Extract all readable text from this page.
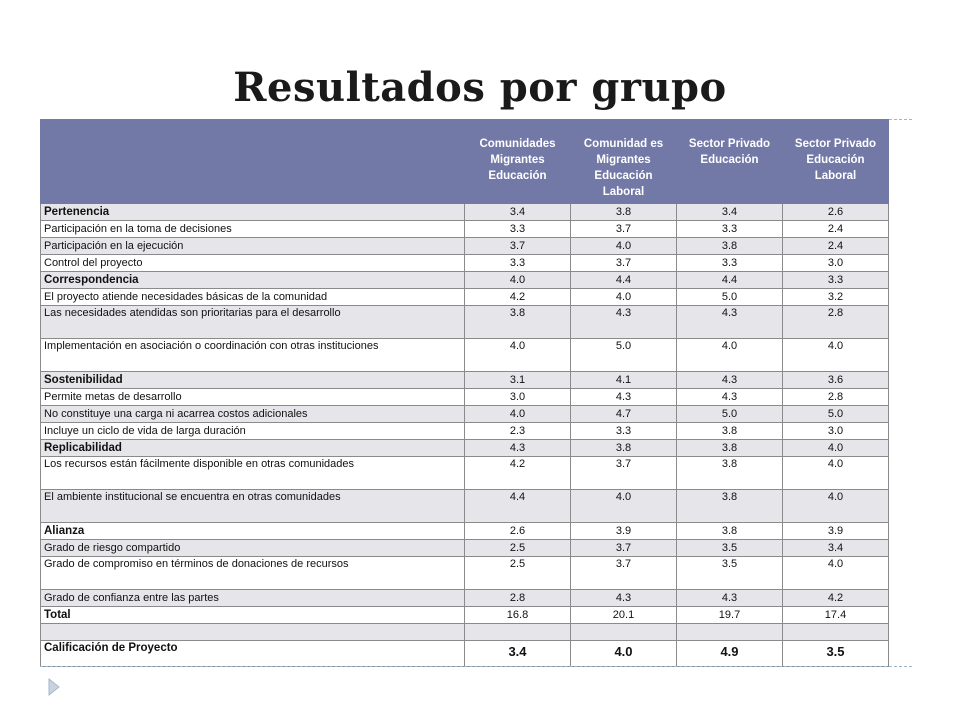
Resultados por grupo
	Comunidades Migrantes Educación	Comunidad es Migrantes Educación Laboral	Sector Privado Educación	Sector Privado Educación Laboral
Pertenencia	3.4	3.8	3.4	2.6
Participación en la toma de decisiones	3.3	3.7	3.3	2.4
Participación en la ejecución	3.7	4.0	3.8	2.4
Control del proyecto	3.3	3.7	3.3	3.0
Correspondencia	4.0	4.4	4.4	3.3
El proyecto atiende necesidades básicas de la comunidad	4.2	4.0	5.0	3.2
Las necesidades atendidas son prioritarias para el desarrollo	3.8	4.3	4.3	2.8
Implementación en asociación o coordinación con otras instituciones	4.0	5.0	4.0	4.0
Sostenibilidad	3.1	4.1	4.3	3.6
Permite metas de desarrollo	3.0	4.3	4.3	2.8
No constituye una carga ni acarrea costos adicionales	4.0	4.7	5.0	5.0
Incluye un ciclo de vida de larga duración	2.3	3.3	3.8	3.0
Replicabilidad	4.3	3.8	3.8	4.0
Los recursos están fácilmente disponible en otras comunidades	4.2	3.7	3.8	4.0
El ambiente institucional se encuentra en otras comunidades	4.4	4.0	3.8	4.0
Alianza	2.6	3.9	3.8	3.9
Grado de riesgo compartido	2.5	3.7	3.5	3.4
Grado de compromiso en términos de donaciones de recursos	2.5	3.7	3.5	4.0
Grado de confianza entre las partes	2.8	4.3	4.3	4.2
Total	16.8	20.1	19.7	17.4

Calificación de Proyecto	3.4	4.0	4.9	3.5
